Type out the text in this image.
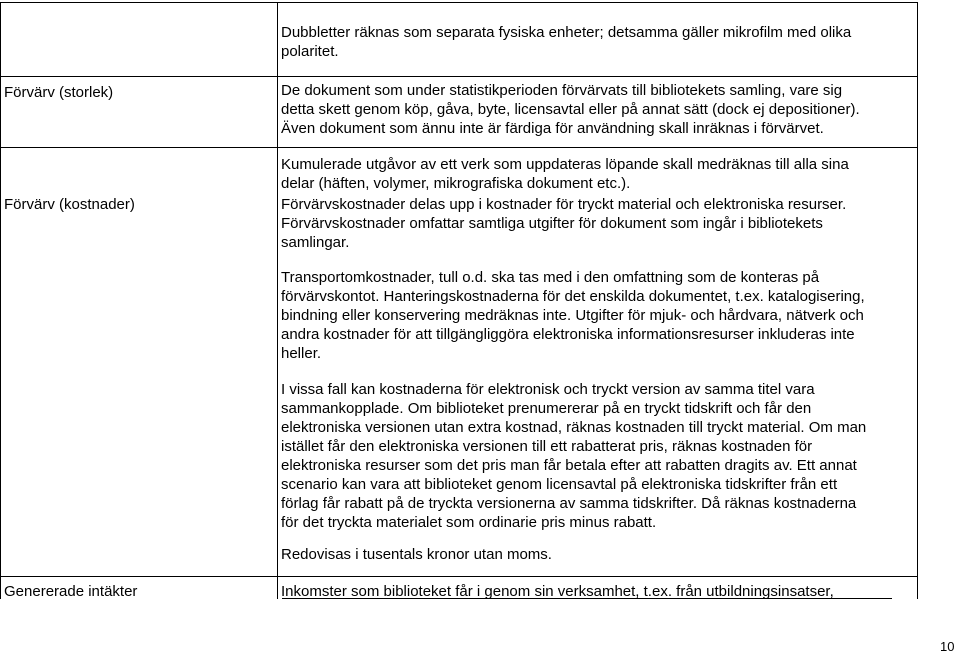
Dubbletter räknas som separata fysiska enheter; detsamma gäller mikrofilm med olika
polaritet.
Förvärv (storlek)	De dokument som under statistikperioden förvärvats till bibliotekets samling, vare sig
detta skett genom köp, gåva, byte, licensavtal eller på annat sätt (dock ej depositioner).
Även dokument som ännu inte är färdiga för användning skall inräknas i förvärvet.
Förvärv (kostnader)
Kumulerade utgåvor av ett verk som uppdateras löpande skall medräknas till alla sina
delar (häften, volymer, mikrografiska dokument etc.).
Förvärvskostnader delas upp i kostnader för tryckt material och elektroniska resurser.
Förvärvskostnader omfattar samtliga utgifter för dokument som ingår i bibliotekets
samlingar.
Transportomkostnader, tull o.d. ska tas med i den omfattning som de konteras på
förvärvskontot. Hanteringskostnaderna för det enskilda dokumentet, t.ex. katalogisering,
bindning eller konservering medräknas inte. Utgifter för mjuk- och hårdvara, nätverk och
andra kostnader för att tillgängliggöra elektroniska informationsresurser inkluderas inte
heller.
I vissa fall kan kostnaderna för elektronisk och tryckt version av samma titel vara
sammankopplade. Om biblioteket prenumererar på en tryckt tidskrift och får den
elektroniska versionen utan extra kostnad, räknas kostnaden till tryckt material. Om man
istället får den elektroniska versionen till ett rabatterat pris, räknas kostnaden för
elektroniska resurser som det pris man får betala efter att rabatten dragits av. Ett annat
scenario kan vara att biblioteket genom licensavtal på elektroniska tidskrifter från ett
förlag får rabatt på de tryckta versionerna av samma tidskrifter. Då räknas kostnaderna
för det tryckta materialet som ordinarie pris minus rabatt.
Redovisas i tusentals kronor utan moms.
Genererade intäkter	Inkomster som biblioteket får i genom sin verksamhet, t.ex. från utbildningsinsatser,
10
